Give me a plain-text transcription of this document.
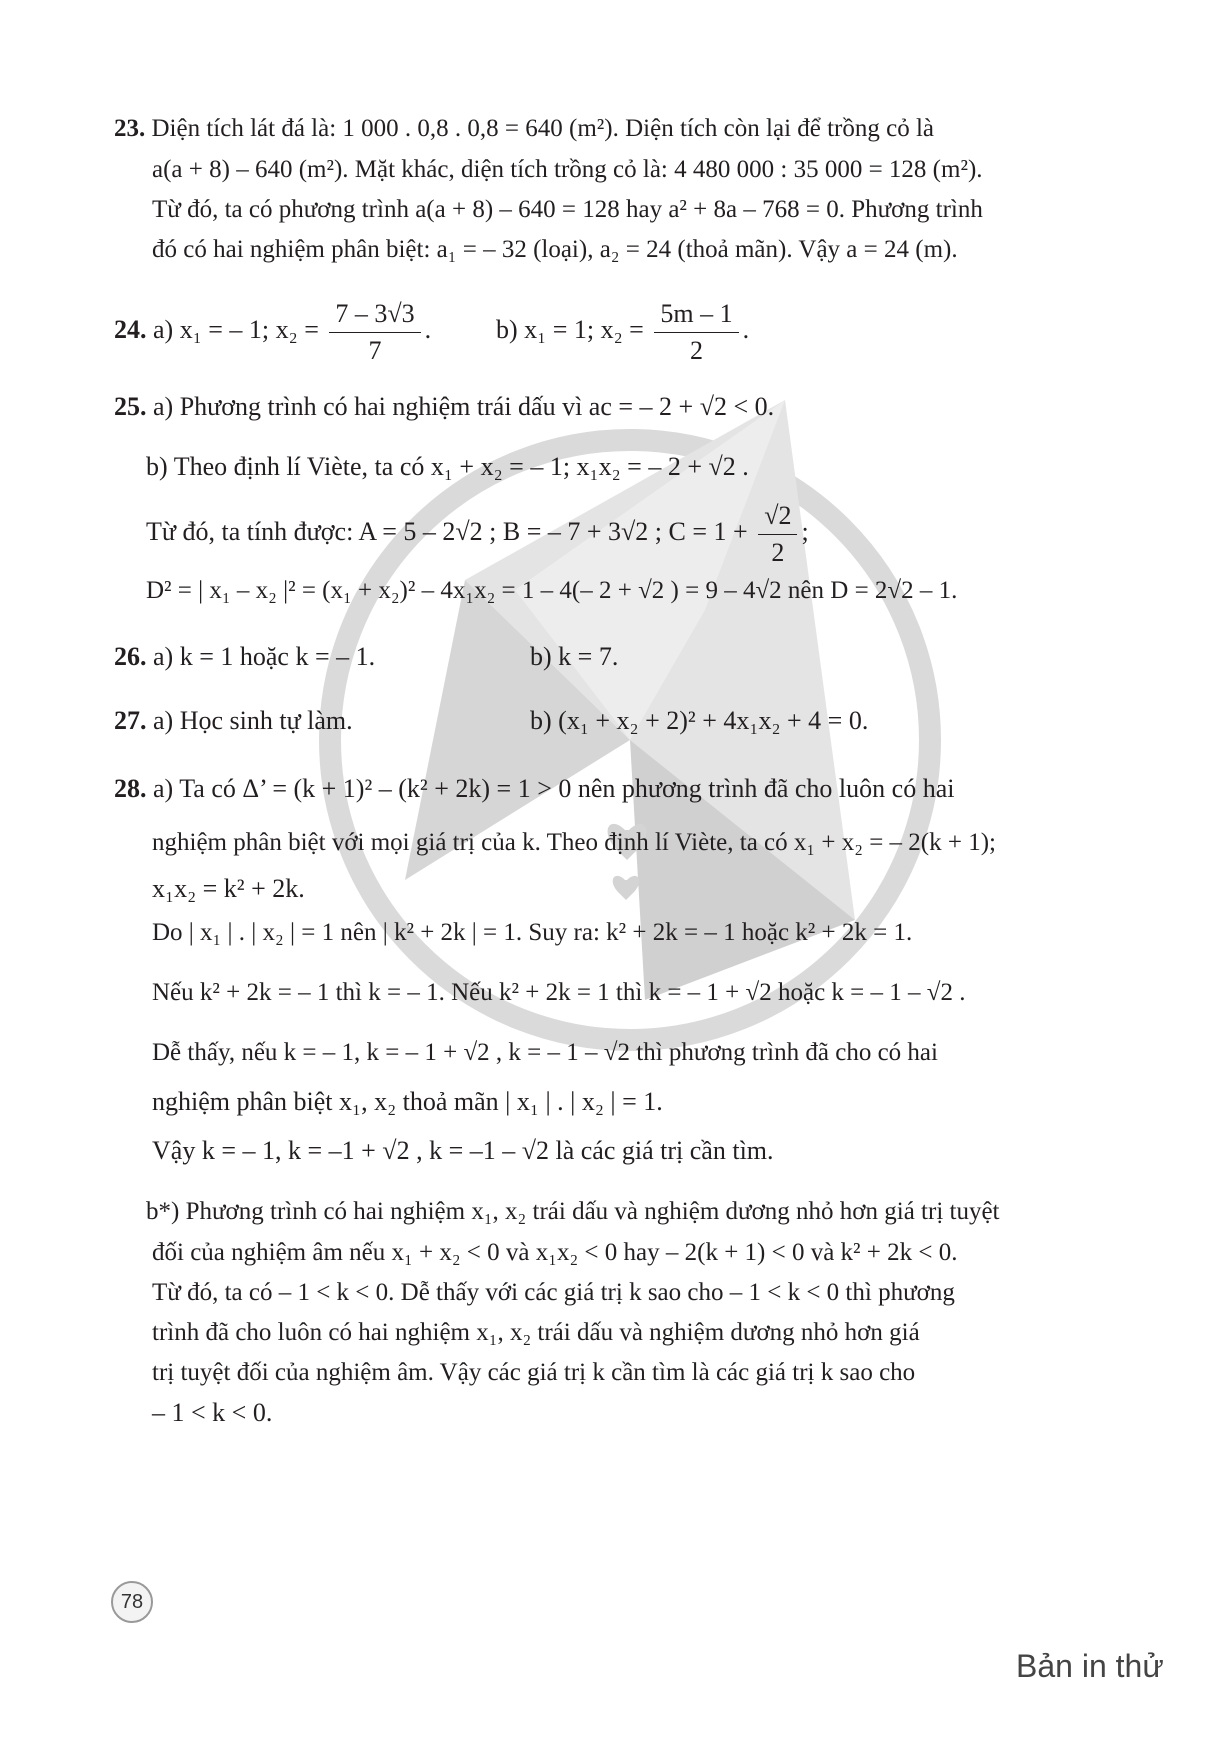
23. Diện tích lát đá là: 1 000 . 0,8 . 0,8 = 640 (m²). Diện tích còn lại để trồng cỏ là
a(a + 8) – 640 (m²). Mặt khác, diện tích trồng cỏ là: 4 480 000 : 35 000 = 128 (m²).
Từ đó, ta có phương trình a(a + 8) – 640 = 128 hay a² + 8a – 768 = 0. Phương trình
đó có hai nghiệm phân biệt: a₁ = – 32 (loại), a₂ = 24 (thoả mãn). Vậy a = 24 (m).
24. a) x₁ = – 1; $x_2 = \frac{7 - 3√3}{7}$ . b) x₁ = 1; $x_2 = \frac{5m - 1}{2}$ .
25. a) Phương trình có hai nghiệm trái dấu vì ac = – 2 + √2 < 0.
b) Theo định lí Viète, ta có x₁ + x₂ = – 1; x₁x₂ = – 2 + √2 .
Từ đó, ta tính được: A = 5 – 2√2 ; B = – 7 + 3√2 ; $C = 1 + \frac{√2}{2}$ ;
D² = | x₁ – x₂ |² = (x₁ + x₂)² – 4x₁x₂ = 1 – 4(– 2 + √2 ) = 9 – 4√2 nên D = 2√2 – 1.
26. a) k = 1 hoặc k = – 1.	b) k = 7.
27. a) Học sinh tự làm.	b) (x₁ + x₂ + 2)² + 4x₁x₂ + 4 = 0.
28. a) Ta có Δ’ = (k + 1)² – (k² + 2k) = 1 > 0 nên phương trình đã cho luôn có hai
nghiệm phân biệt với mọi giá trị của k. Theo định lí Viète, ta có x₁ + x₂ = – 2(k + 1);
x₁x₂ = k² + 2k.
Do | x₁ | . | x₂ | = 1 nên | k² + 2k | = 1. Suy ra: k² + 2k = – 1 hoặc k² + 2k = 1.
Nếu k² + 2k = – 1 thì k = – 1. Nếu k² + 2k = 1 thì k = – 1 + √2 hoặc k = – 1 – √2 .
Dễ thấy, nếu k = – 1, k = – 1 + √2 , k = – 1 – √2 thì phương trình đã cho có hai
nghiệm phân biệt x₁, x₂ thoả mãn | x₁ | . | x₂ | = 1.
Vậy k = – 1, k = –1 + √2 , k = –1 – √2 là các giá trị cần tìm.
b*) Phương trình có hai nghiệm x₁, x₂ trái dấu và nghiệm dương nhỏ hơn giá trị tuyệt
đối của nghiệm âm nếu x₁ + x₂ < 0 và x₁x₂ < 0 hay – 2(k + 1) < 0 và k² + 2k < 0.
Từ đó, ta có – 1 < k < 0. Dễ thấy với các giá trị k sao cho – 1 < k < 0 thì phương
trình đã cho luôn có hai nghiệm x₁, x₂ trái dấu và nghiệm dương nhỏ hơn giá
trị tuyệt đối của nghiệm âm. Vậy các giá trị k cần tìm là các giá trị k sao cho
– 1 < k < 0.
78
Bản in thử
